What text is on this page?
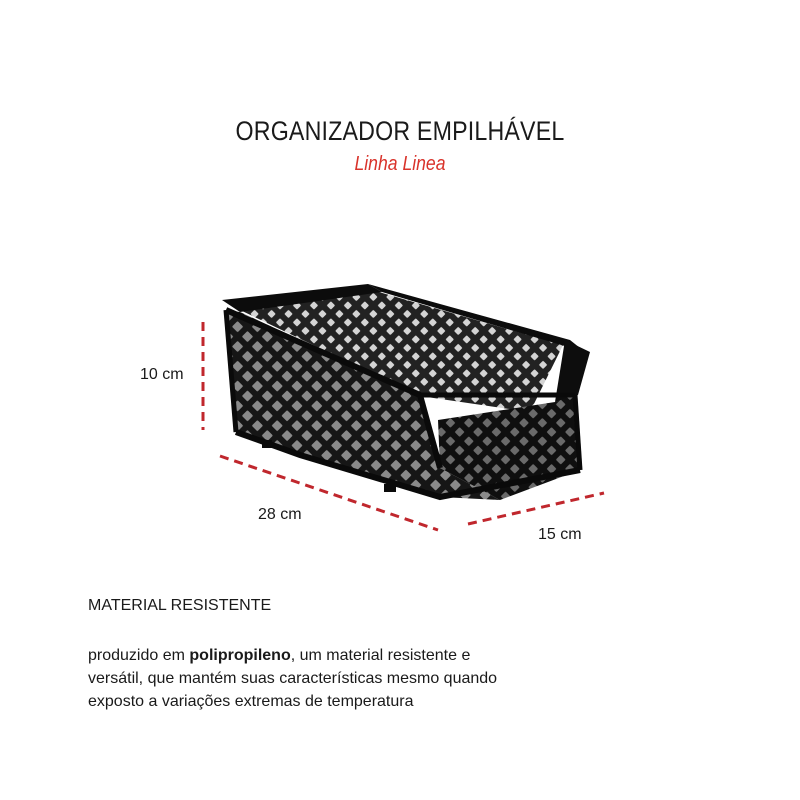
ORGANIZADOR EMPILHÁVEL
Linha Linea
10 cm
28 cm
15 cm
MATERIAL RESISTENTE
produzido em polipropileno, um material resistente e
versátil, que mantém suas características mesmo quando
exposto a variações extremas de temperatura
